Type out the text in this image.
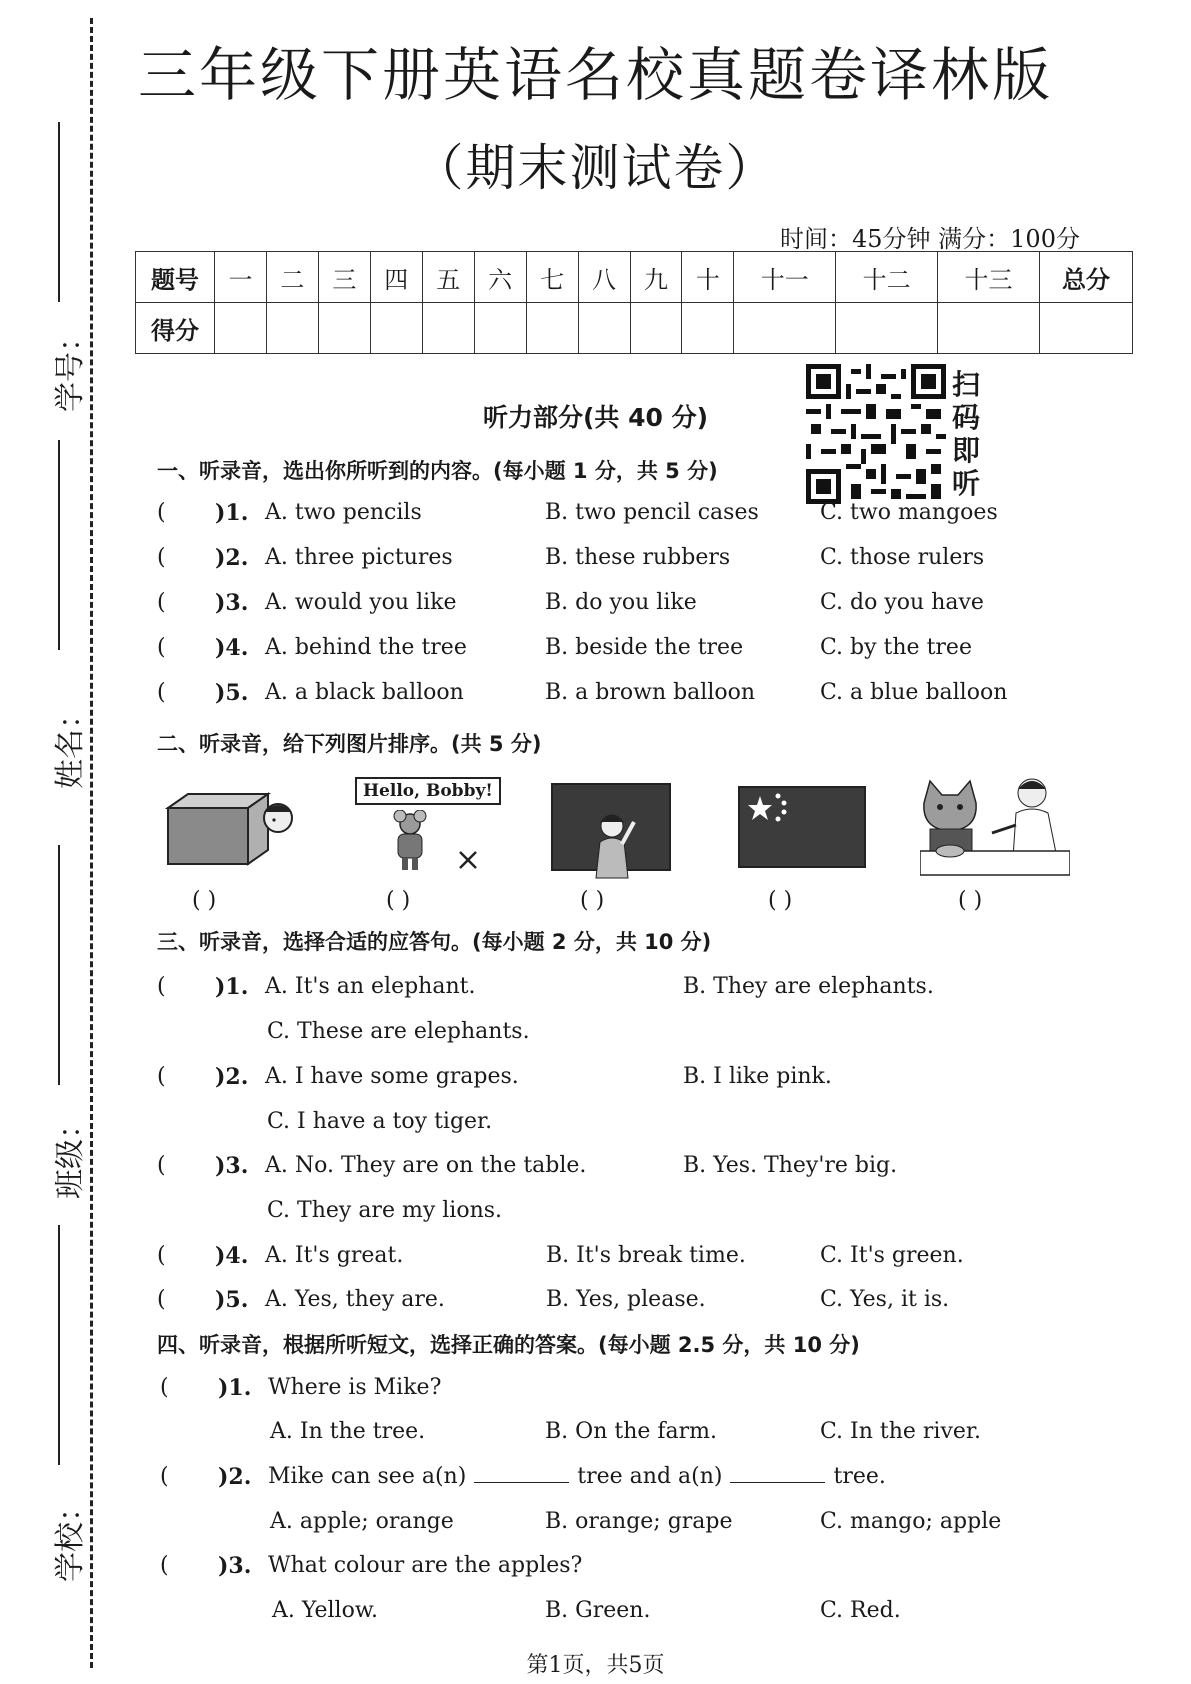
学号：
姓名：
班级：
学校：
三年级下册英语名校真题卷译林版
（期末测试卷）
时间：45分钟 满分：100分
题号	一	二	三	四	五	六	七	八	九	十	十一	十二	十三	总分
得分														
听力部分(共 40 分)
扫码即听
一、听录音，选出你所听到的内容。(每小题 1 分，共 5 分)
( )1. A. two pencils	B. two pencil cases	C. two mangoes
( )2. A. three pictures	B. these rubbers	C. those rulers
( )3. A. would you like	B. do you like	C. do you have
( )4. A. behind the tree	B. beside the tree	C. by the tree
( )5. A. a black balloon	B. a brown balloon	C. a blue balloon
二、听录音，给下列图片排序。(共 5 分)
( )
Hello, Bobby!
( )	( )	( )	( )
三、听录音，选择合适的应答句。(每小题 2 分，共 10 分)
( )1. A. It's an elephant.	B. They are elephants.
C. These are elephants.
( )2. A. I have some grapes.	B. I like pink.
C. I have a toy tiger.
( )3. A. No. They are on the table.	B. Yes. They're big.
C. They are my lions.
( )4. A. It's great.	B. It's break time.	C. It's green.
( )5. A. Yes, they are.	B. Yes, please.	C. Yes, it is.
四、听录音，根据所听短文，选择正确的答案。(每小题 2.5 分，共 10 分)
( )1. Where is Mike?
A. In the tree.	B. On the farm.	C. In the river.
( )2. Mike can see a(n)	tree and a(n)	tree.
A. apple; orange	B. orange; grape	C. mango; apple
( )3. What colour are the apples?
A. Yellow.	B. Green.	C. Red.
第1页，共5页
